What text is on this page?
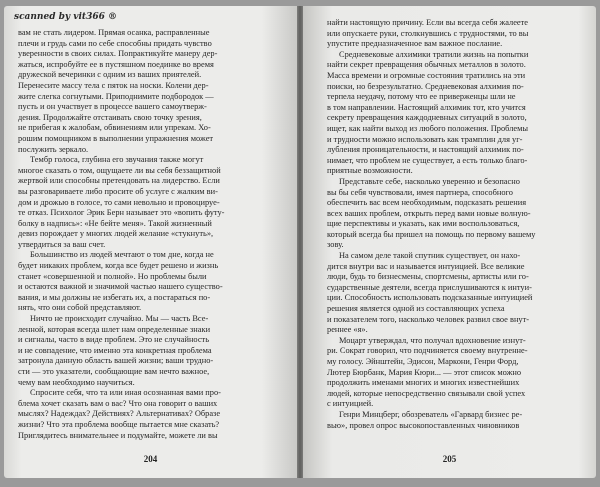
scanned by vit366 ®
вам не стать лидером. Прямая осанка, расправленные
плечи и грудь сами по себе способны придать чувство
уверенности в своих силах. Попрактикуйте манеру дер-
жаться, испробуйте ее в пустяшном поединке во время
дружеской вечеринки с одним из ваших приятелей.
Перенесите массу тела с пяток на носки. Колени дер-
жите слегка согнутыми. Приподнимите подбородок —
пусть и он участвует в процессе вашего самоутверж-
дения. Продолжайте отстаивать свою точку зрения,
не прибегая к жалобам, обвинениям или упрекам. Хо-
рошим помощником в выполнении упражнения может
послужить зеркало.
Тембр голоса, глубина его звучания также могут
многое сказать о том, ощущаете ли вы себя беззащитной
жертвой или способны претендовать на лидерство. Если
вы разговариваете либо просите об услуге с жалким ви-
дом и дрожью в голосе, то сами невольно и провоцируе-
те отказ. Психолог Эрик Берн называет это «вопить футу-
болку в надпись»: «Не бейте меня». Такой жизненный
девиз порождает у многих людей желание «стукнуть»,
утвердиться за ваш счет.
Большинство из людей мечтают о том дне, когда не
будет никаких проблем, когда все будет решено и жизнь
станет «совершенной и полной». Но проблемы были
и остаются важной и значимой частью нашего существо-
вания, и мы должны не избегать их, а постараться по-
нять, что они собой представляют.
Ничто не происходит случайно. Мы — часть Все-
ленной, которая всегда шлет нам определенные знаки
и сигналы, часто в виде проблем. Это не случайность
и не совпадение, что именно эта конкретная проблема
затронула данную область вашей жизни; ваши трудно-
сти — это указатели, сообщающие вам нечто важное,
чему вам необходимо научиться.
Спросите себя, что та или иная осознанная вами про-
блема хочет сказать вам о вас? Что она говорит о ваших
мыслях? Надеждах? Действиях? Альтернативах? Образе
жизни? Что эта проблема вообще пытается мне сказать?
Приглядитесь внимательнее и подумайте, можете ли вы
204
найти настоящую причину. Если вы всегда себя жалеете
или опускаете руки, столкнувшись с трудностями, то вы
упустите предназначенное вам важное послание.
Средневековые алхимики тратили жизнь на попытки
найти секрет превращения обычных металлов в золото.
Масса времени и огромные состояния тратились на эти
поиски, но безрезультатно. Средневековая алхимия по-
терпела неудачу, потому что ее приверженцы шли не
в том направлении. Настоящий алхимик тот, кто учится
секрету превращения каждодневных ситуаций в золото,
ищет, как найти выход из любого положения. Проблемы
и трудности можно использовать как трамплин для уг-
лубления проницательности, и настоящий алхимик по-
нимает, что проблем не существует, а есть только благо-
приятные возможности.
Представьте себе, насколько уверенно и безопасно
вы бы себя чувствовали, имея партнера, способного
обеспечить вас всем необходимым, подсказать решения
всех ваших проблем, открыть перед вами новые волную-
щие перспективы и указать, как ими воспользоваться,
который всегда бы пришел на помощь по первому вашему
зову.
На самом деле такой спутник существует, он нахо-
дится внутри вас и называется интуицией. Все великие
люди, будь то бизнесмены, спортсмены, артисты или го-
сударственные деятели, всегда прислушиваются к интуи-
ции. Способность использовать подсказанные интуицией
решения является одной из составляющих успеха
и показателем того, насколько человек развил свое внут-
реннее «я».
Моцарт утверждал, что получал вдохновение изнут-
ри. Сократ говорил, что подчиняется своему внутренне-
му голосу. Эйнштейн, Эдисон, Маркони, Генри Форд,
Лютер Бюрбанк, Мария Кюри... — этот список можно
продолжить именами многих и многих известнейших
людей, которые непосредственно связывали свой успех
с интуицией.
Генри Минцберг, обозреватель «Гарвард бизнес ре-
вью», провел опрос высокопоставленных чиновников
205
